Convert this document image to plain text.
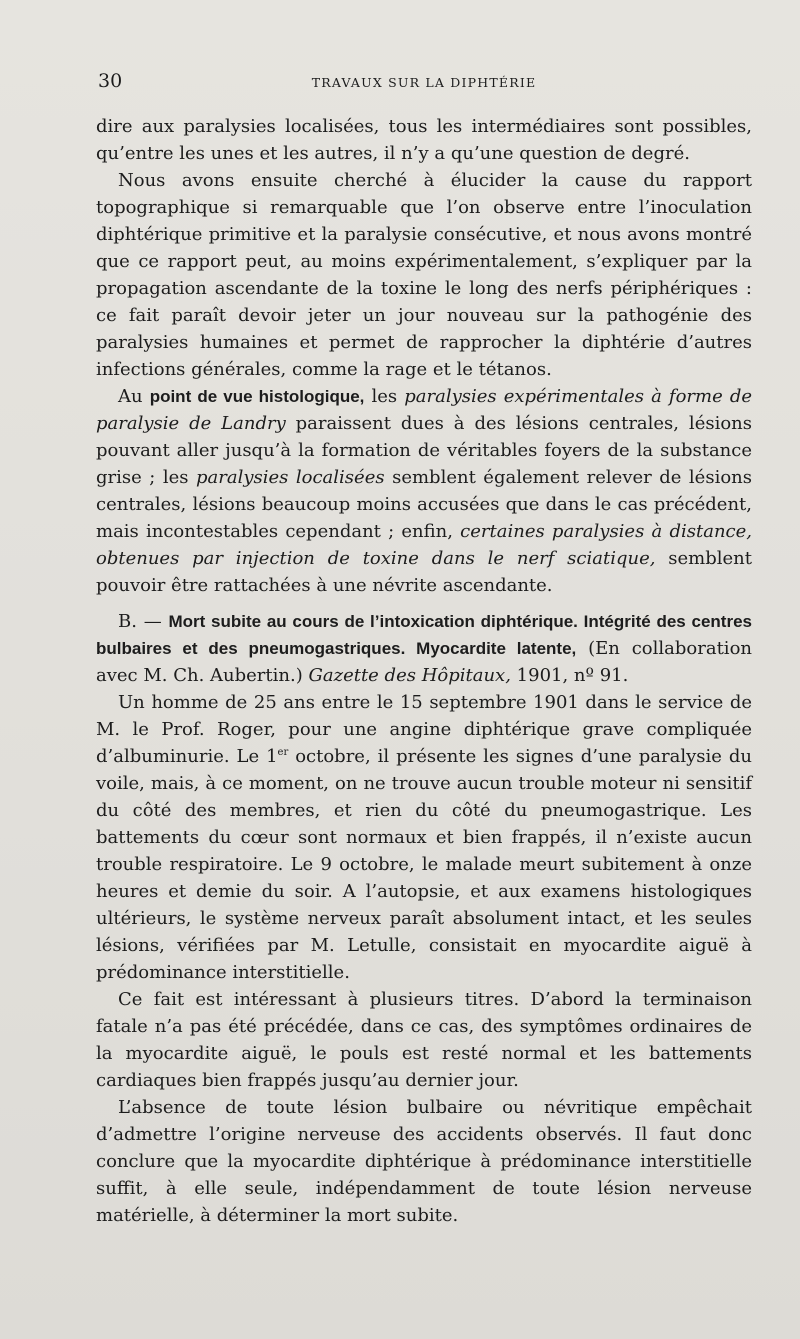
30	TRAVAUX SUR LA DIPHTÉRIE

dire aux paralysies localisées, tous les intermédiaires sont possibles, qu’entre les unes et les autres, il n’y a qu’une question de degré.

Nous avons ensuite cherché à élucider la cause du rapport topographique si remarquable que l’on observe entre l’inoculation diphtérique primitive et la paralysie consécutive, et nous avons montré que ce rapport peut, au moins expérimentalement, s’expliquer par la propagation ascendante de la toxine le long des nerfs périphériques : ce fait paraît devoir jeter un jour nouveau sur la pathogénie des paralysies humaines et permet de rapprocher la diphtérie d’autres infections générales, comme la rage et le tétanos.

Au point de vue histologique, les paralysies expérimentales à forme de paralysie de Landry paraissent dues à des lésions centrales, lésions pouvant aller jusqu’à la formation de véritables foyers de la substance grise ; les paralysies localisées semblent également relever de lésions centrales, lésions beaucoup moins accusées que dans le cas précédent, mais incontestables cependant ; enfin, certaines paralysies à distance, obtenues par injection de toxine dans le nerf sciatique, semblent pouvoir être rattachées à une névrite ascendante.

B. — Mort subite au cours de l’intoxication diphtérique. Intégrité des centres bulbaires et des pneumogastriques. Myocardite latente, (En collaboration avec M. Ch. Aubertin.) Gazette des Hôpitaux, 1901, nº 91.

Un homme de 25 ans entre le 15 septembre 1901 dans le service de M. le Prof. Roger, pour une angine diphtérique grave compliquée d’albuminurie. Le 1er octobre, il présente les signes d’une paralysie du voile, mais, à ce moment, on ne trouve aucun trouble moteur ni sensitif du côté des membres, et rien du côté du pneumogastrique. Les battements du cœur sont normaux et bien frappés, il n’existe aucun trouble respiratoire. Le 9 octobre, le malade meurt subitement à onze heures et demie du soir. A l’autopsie, et aux examens histologiques ultérieurs, le système nerveux paraît absolument intact, et les seules lésions, vérifiées par M. Letulle, consistait en myocardite aiguë à prédominance interstitielle.

Ce fait est intéressant à plusieurs titres. D’abord la terminaison fatale n’a pas été précédée, dans ce cas, des symptômes ordinaires de la myocardite aiguë, le pouls est resté normal et les battements cardiaques bien frappés jusqu’au dernier jour.

L’absence de toute lésion bulbaire ou névritique empêchait d’admettre l’origine nerveuse des accidents observés. Il faut donc conclure que la myocardite diphtérique à prédominance interstitielle suffit, à elle seule, indépendamment de toute lésion nerveuse matérielle, à déterminer la mort subite.
